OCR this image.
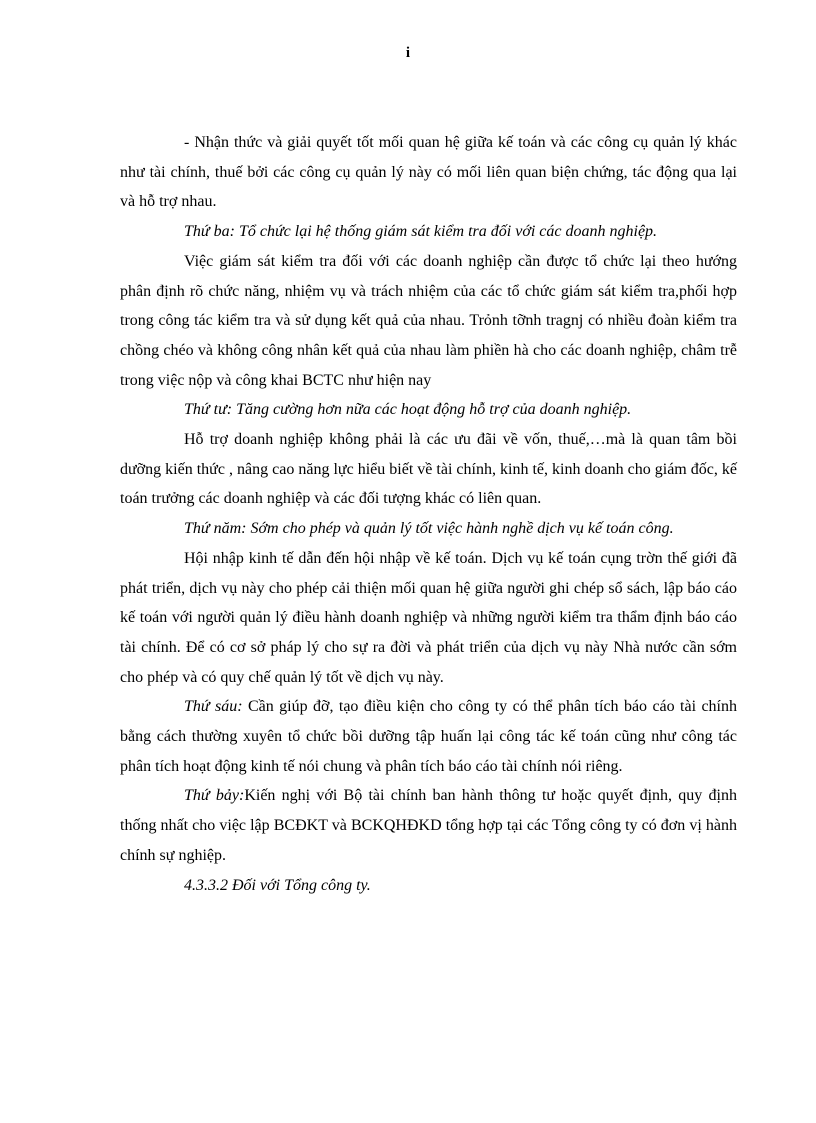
i

- Nhận thức và giải quyết tốt mối quan hệ giữa kế toán và các công cụ quản lý khác như tài chính, thuế bởi các công cụ quản lý này có mối liên quan biện chứng, tác động qua lại và hỗ trợ nhau.

Thứ ba: Tổ chức lại hệ thống giám sát kiểm tra đối với các doanh nghiệp.

Việc giám sát kiểm tra đối với các doanh nghiệp cần được tổ chức lại theo hướng phân định rõ chức năng, nhiệm vụ và trách nhiệm của các tổ chức giám sát kiểm tra,phối hợp trong công tác kiểm tra và sử dụng kết quả của nhau. Trỏnh tỡnh tragnj có nhiều đoàn kiểm tra chồng chéo và không công nhân kết quả của nhau làm phiền hà cho các doanh nghiệp, châm trễ trong việc nộp và công khai BCTC như hiện nay

Thứ tư: Tăng cường hơn nữa các hoạt động hỗ trợ của doanh nghiệp.

Hỗ trợ doanh nghiệp không phải là các ưu đãi về vốn, thuế,…mà là quan tâm bồi dưỡng kiến thức , nâng cao năng lực hiểu biết về tài chính, kinh tế, kinh doanh cho giám đốc, kế toán trưởng các doanh nghiệp và các đối tượng khác có liên quan.

Thứ năm: Sớm cho phép và quản lý tốt việc hành nghề dịch vụ kế toán công.

Hội nhập kinh tế dẫn đến hội nhập về kế toán. Dịch vụ kế toán cụng trờn thế giới đã phát triển, dịch vụ này cho phép cải thiện mối quan hệ giữa người ghi chép sổ sách, lập báo cáo kế toán với người quản lý điều hành doanh nghiệp và những người kiểm tra thẩm định báo cáo tài chính. Để có cơ sở pháp lý cho sự ra đời và phát triển của dịch vụ này Nhà nước cần sớm cho phép và có quy chế quản lý tốt về dịch vụ này.

Thứ sáu: Cần giúp đỡ, tạo điều kiện cho công ty có thể phân tích báo cáo tài chính bằng cách thường xuyên tổ chức bồi dưỡng tập huấn lại công tác kế toán cũng như công tác phân tích hoạt động kinh tế nói chung và phân tích báo cáo tài chính nói riêng.

Thứ bảy:Kiến nghị với Bộ tài chính ban hành thông tư hoặc quyết định, quy định thống nhất cho việc lập BCĐKT và BCKQHĐKD tổng hợp tại các Tổng công ty có đơn vị hành chính sự nghiệp.

4.3.3.2 Đối với Tổng công ty.
